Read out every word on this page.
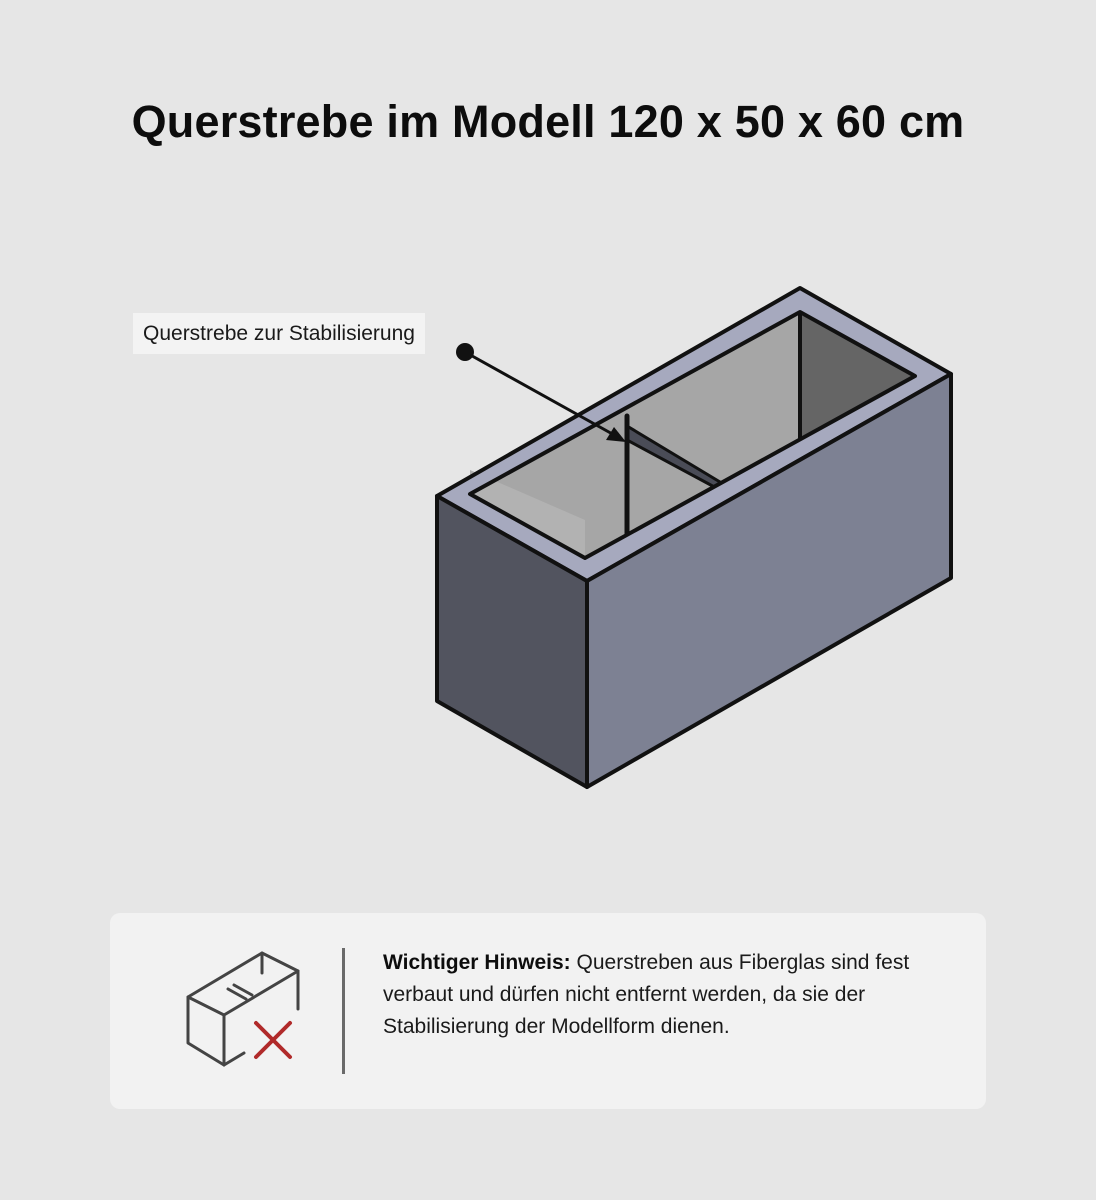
Querstrebe im Modell 120 x 50 x 60 cm
Querstrebe zur Stabilisierung

Wichtiger Hinweis: Querstreben aus Fiberglas sind fest verbaut und dürfen nicht entfernt werden, da sie der Stabilisierung der Modellform dienen.
